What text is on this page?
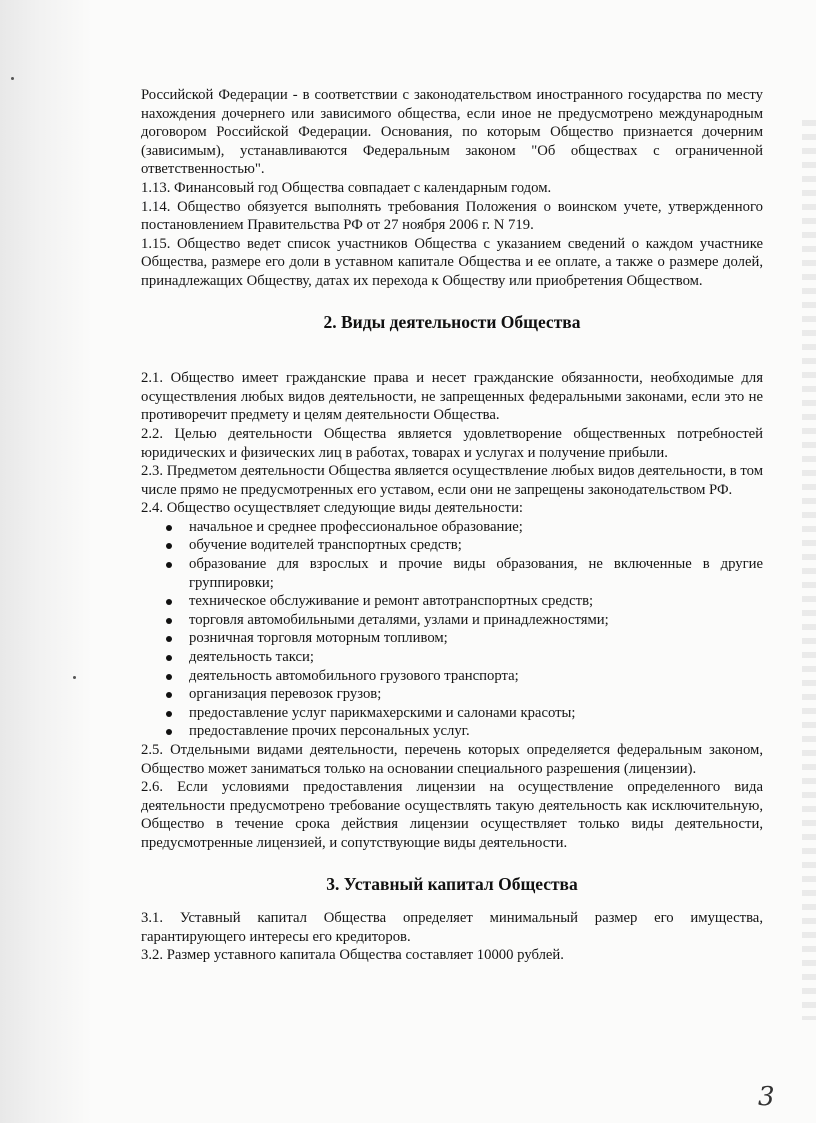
Российской Федерации - в соответствии с законодательством иностранного государства по месту нахождения дочернего или зависимого общества, если иное не предусмотрено международным договором Российской Федерации. Основания, по которым Общество признается дочерним (зависимым), устанавливаются Федеральным законом "Об обществах с ограниченной ответственностью".

1.13. Финансовый год Общества совпадает с календарным годом.

1.14. Общество обязуется выполнять требования Положения о воинском учете, утвержденного постановлением Правительства РФ от 27 ноября 2006 г. N 719.

1.15. Общество ведет список участников Общества с указанием сведений о каждом участнике Общества, размере его доли в уставном капитале Общества и ее оплате, а также о размере долей, принадлежащих Обществу, датах их перехода к Обществу или приобретения Обществом.

2. Виды деятельности Общества

2.1. Общество имеет гражданские права и несет гражданские обязанности, необходимые для осуществления любых видов деятельности, не запрещенных федеральными законами, если это не противоречит предмету и целям деятельности Общества.

2.2. Целью деятельности Общества является удовлетворение общественных потребностей юридических и физических лиц в работах, товарах и услугах и получение прибыли.

2.3. Предметом деятельности Общества является осуществление любых видов деятельности, в том числе прямо не предусмотренных его уставом, если они не запрещены законодательством РФ.

2.4. Общество осуществляет следующие виды деятельности:

начальное и среднее профессиональное образование;
обучение водителей транспортных средств;
образование для взрослых и прочие виды образования, не включенные в другие группировки;
техническое обслуживание и ремонт автотранспортных средств;
торговля автомобильными деталями, узлами и принадлежностями;
розничная торговля моторным топливом;
деятельность такси;
деятельность автомобильного грузового транспорта;
организация перевозок грузов;
предоставление услуг парикмахерскими и салонами красоты;
предоставление прочих персональных услуг.

2.5. Отдельными видами деятельности, перечень которых определяется федеральным законом, Общество может заниматься только на основании специального разрешения (лицензии).

2.6. Если условиями предоставления лицензии на осуществление определенного вида деятельности предусмотрено требование осуществлять такую деятельность как исключительную, Общество в течение срока действия лицензии осуществляет только виды деятельности, предусмотренные лицензией, и сопутствующие виды деятельности.

3. Уставный капитал Общества

3.1. Уставный капитал Общества определяет минимальный размер его имущества, гарантирующего интересы его кредиторов.

3.2. Размер уставного капитала Общества составляет 10000 рублей.

3
